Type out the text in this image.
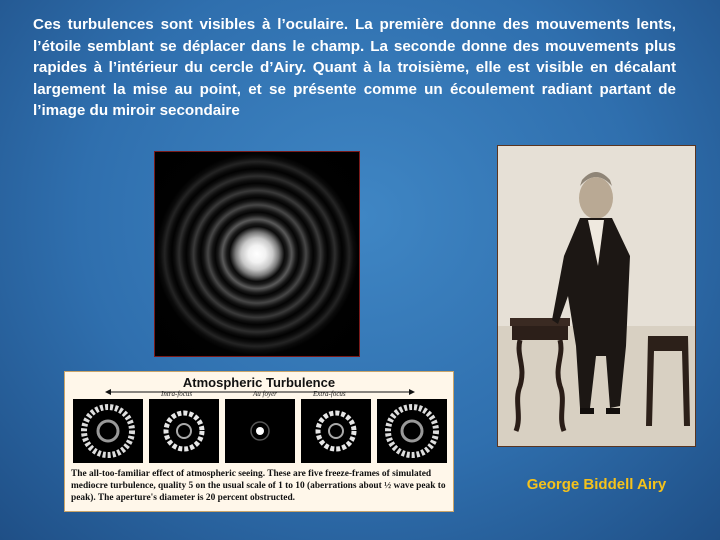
Ces turbulences sont visibles à l’oculaire. La première donne des mouvements lents, l’étoile semblant se déplacer dans le champ. La seconde donne des mouvements plus rapides à l’intérieur du cercle d’Airy. Quant à la troisième, elle est visible en décalant largement la mise au point, et se présente comme un écoulement radiant partant de l’image du miroir secondaire

George Biddell Airy
Atmospheric Turbulence
Intra-focus	Au foyer	Extra-focus

The all-too-familiar effect of atmospheric seeing. These are five freeze-frames of simulated mediocre turbulence, quality 5 on the usual scale of 1 to 10 (aberrations about ½ wave peak to peak). The aperture's diameter is 20 percent obstructed.
